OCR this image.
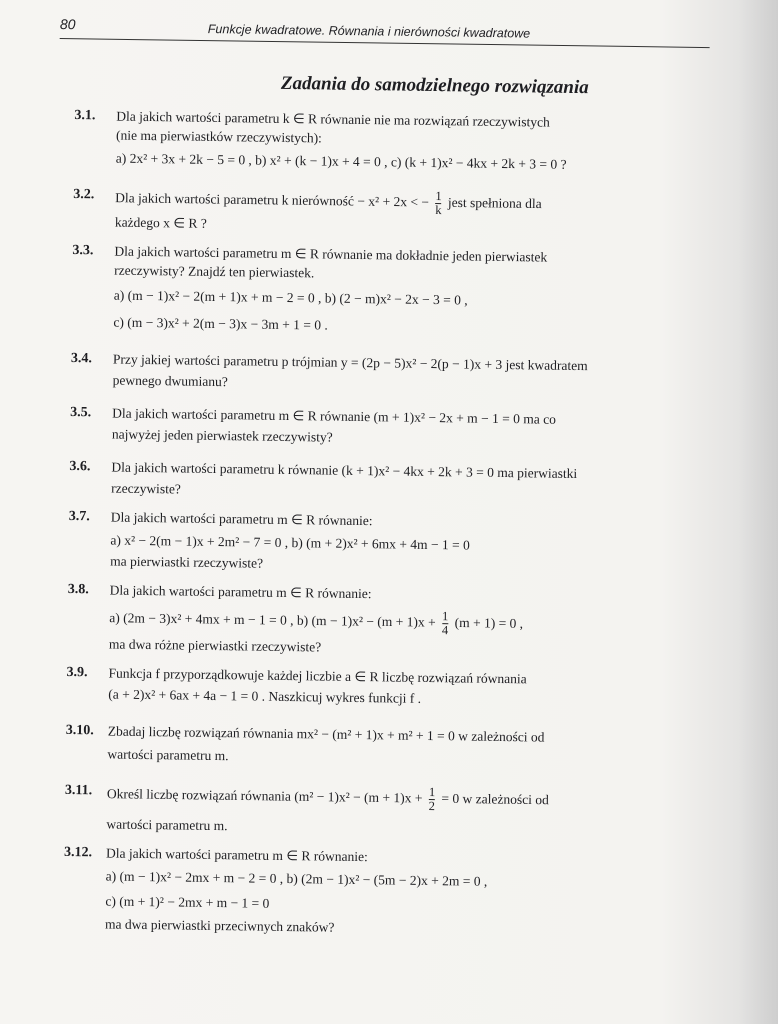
80	Funkcje kwadratowe. Równania i nierówności kwadratowe
Zadania do samodzielnego rozwiązania
3.1. Dla jakich wartości parametru k ∈ R równanie nie ma rozwiązań rzeczywistych
(nie ma pierwiastków rzeczywistych):
a) 2x² + 3x + 2k − 5 = 0 , b) x² + (k − 1)x + 4 = 0 , c) (k + 1)x² − 4kx + 2k + 3 = 0 ?
3.2. Dla jakich wartości parametru k nierówność − x² + 2x < − $\frac{1}{k}$ jest spełniona dla
każdego x ∈ R ?
3.3. Dla jakich wartości parametru m ∈ R równanie ma dokładnie jeden pierwiastek
rzeczywisty? Znajdź ten pierwiastek.
a) (m − 1)x² − 2(m + 1)x + m − 2 = 0 , b) (2 − m)x² − 2x − 3 = 0 ,
c) (m − 3)x² + 2(m − 3)x − 3m + 1 = 0 .
3.4. Przy jakiej wartości parametru p trójmian y = (2p − 5)x² − 2(p − 1)x + 3 jest kwadratem
pewnego dwumianu?
3.5. Dla jakich wartości parametru m ∈ R równanie (m + 1)x² − 2x + m − 1 = 0 ma co
najwyżej jeden pierwiastek rzeczywisty?
3.6. Dla jakich wartości parametru k równanie (k + 1)x² − 4kx + 2k + 3 = 0 ma pierwiastki
rzeczywiste?
3.7. Dla jakich wartości parametru m ∈ R równanie:
a) x² − 2(m − 1)x + 2m² − 7 = 0 , b) (m + 2)x² + 6mx + 4m − 1 = 0
ma pierwiastki rzeczywiste?
3.8. Dla jakich wartości parametru m ∈ R równanie:
a) (2m − 3)x² + 4mx + m − 1 = 0 , b) $(m - 1)x^2 - (m + 1)x + \frac{1}{4} (m + 1) = 0$ ,
ma dwa różne pierwiastki rzeczywiste?
3.9. Funkcja f przyporządkowuje każdej liczbie a ∈ R liczbę rozwiązań równania
(a + 2)x² + 6ax + 4a − 1 = 0 . Naszkicuj wykres funkcji f .
3.10. Zbadaj liczbę rozwiązań równania mx² − (m² + 1)x + m² + 1 = 0 w zależności od
wartości parametru m.
3.11. Określ liczbę rozwiązań równania $(m^2 - 1)x^2 - (m + 1)x + \frac{1}{2} = 0$ w zależności od
wartości parametru m.
3.12. Dla jakich wartości parametru m ∈ R równanie:
a) (m − 1)x² − 2mx + m − 2 = 0 , b) (2m − 1)x² − (5m − 2)x + 2m = 0 ,
c) (m + 1)² − 2mx + m − 1 = 0
ma dwa pierwiastki przeciwnych znaków?
